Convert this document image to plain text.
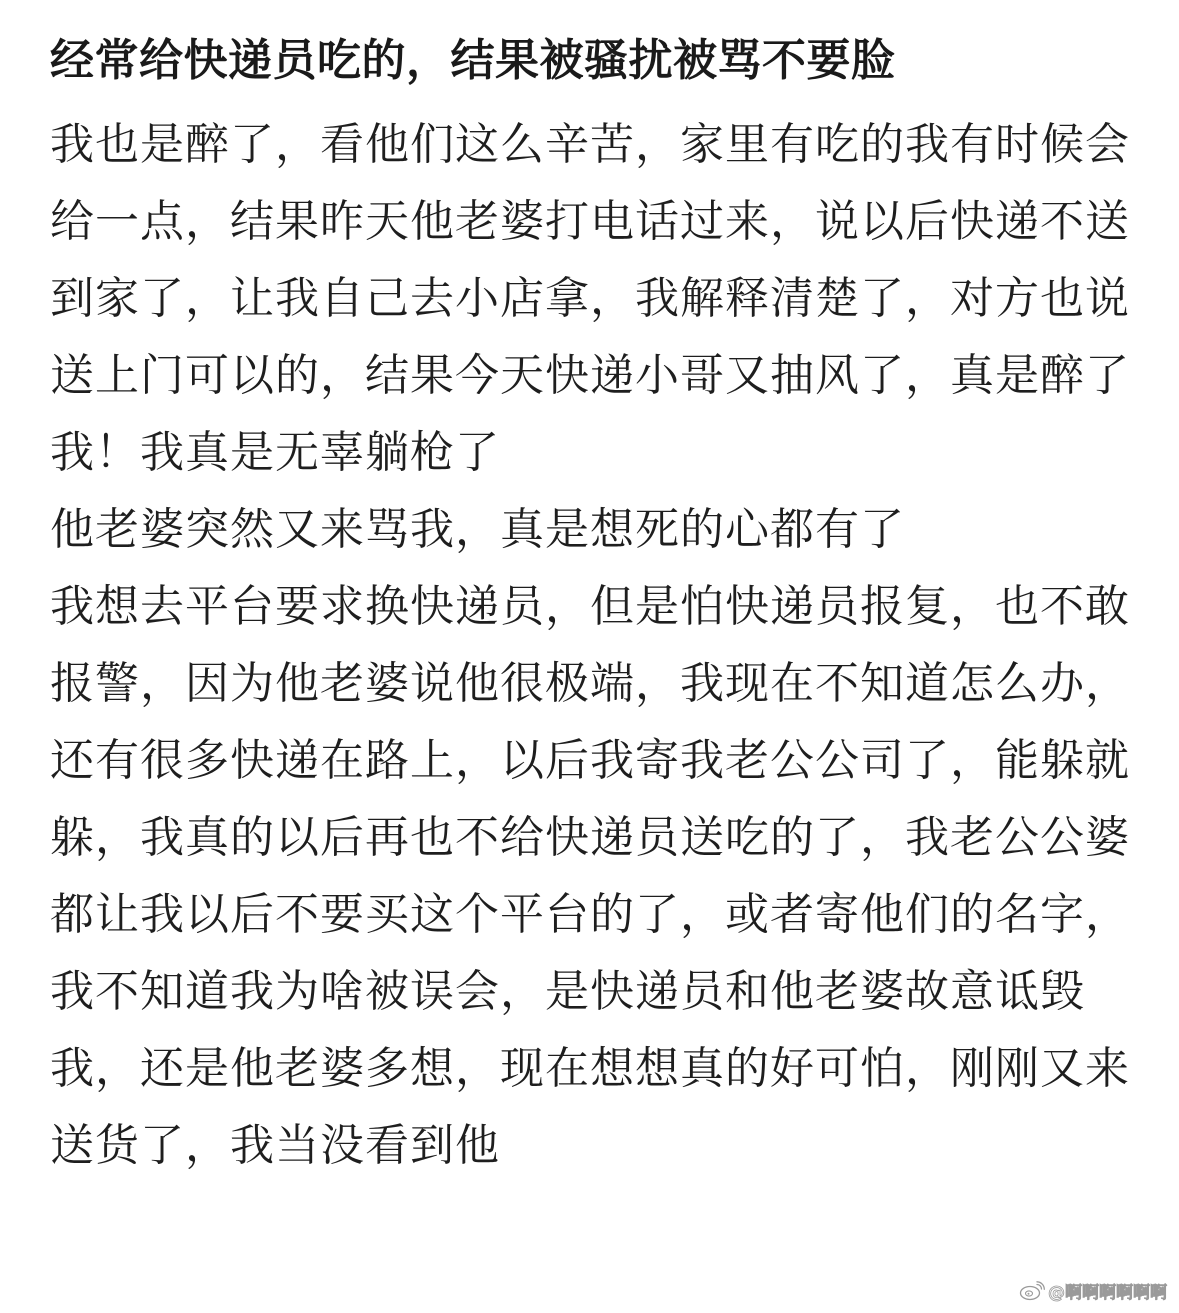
经常给快递员吃的，结果被骚扰被骂不要脸

我也是醉了，看他们这么辛苦，家里有吃的我有时候会给一点，结果昨天他老婆打电话过来，说以后快递不送到家了，让我自己去小店拿，我解释清楚了，对方也说送上门可以的，结果今天快递小哥又抽风了，真是醉了我！我真是无辜躺枪了

他老婆突然又来骂我，真是想死的心都有了

我想去平台要求换快递员，但是怕快递员报复，也不敢报警，因为他老婆说他很极端，我现在不知道怎么办，还有很多快递在路上，以后我寄我老公公司了，能躲就躲，我真的以后再也不给快递员送吃的了，我老公公婆都让我以后不要买这个平台的了，或者寄他们的名字，我不知道我为啥被误会，是快递员和他老婆故意诋毁我，还是他老婆多想，现在想想真的好可怕，刚刚又来送货了，我当没看到他

@啊啊啊啊啊啊
